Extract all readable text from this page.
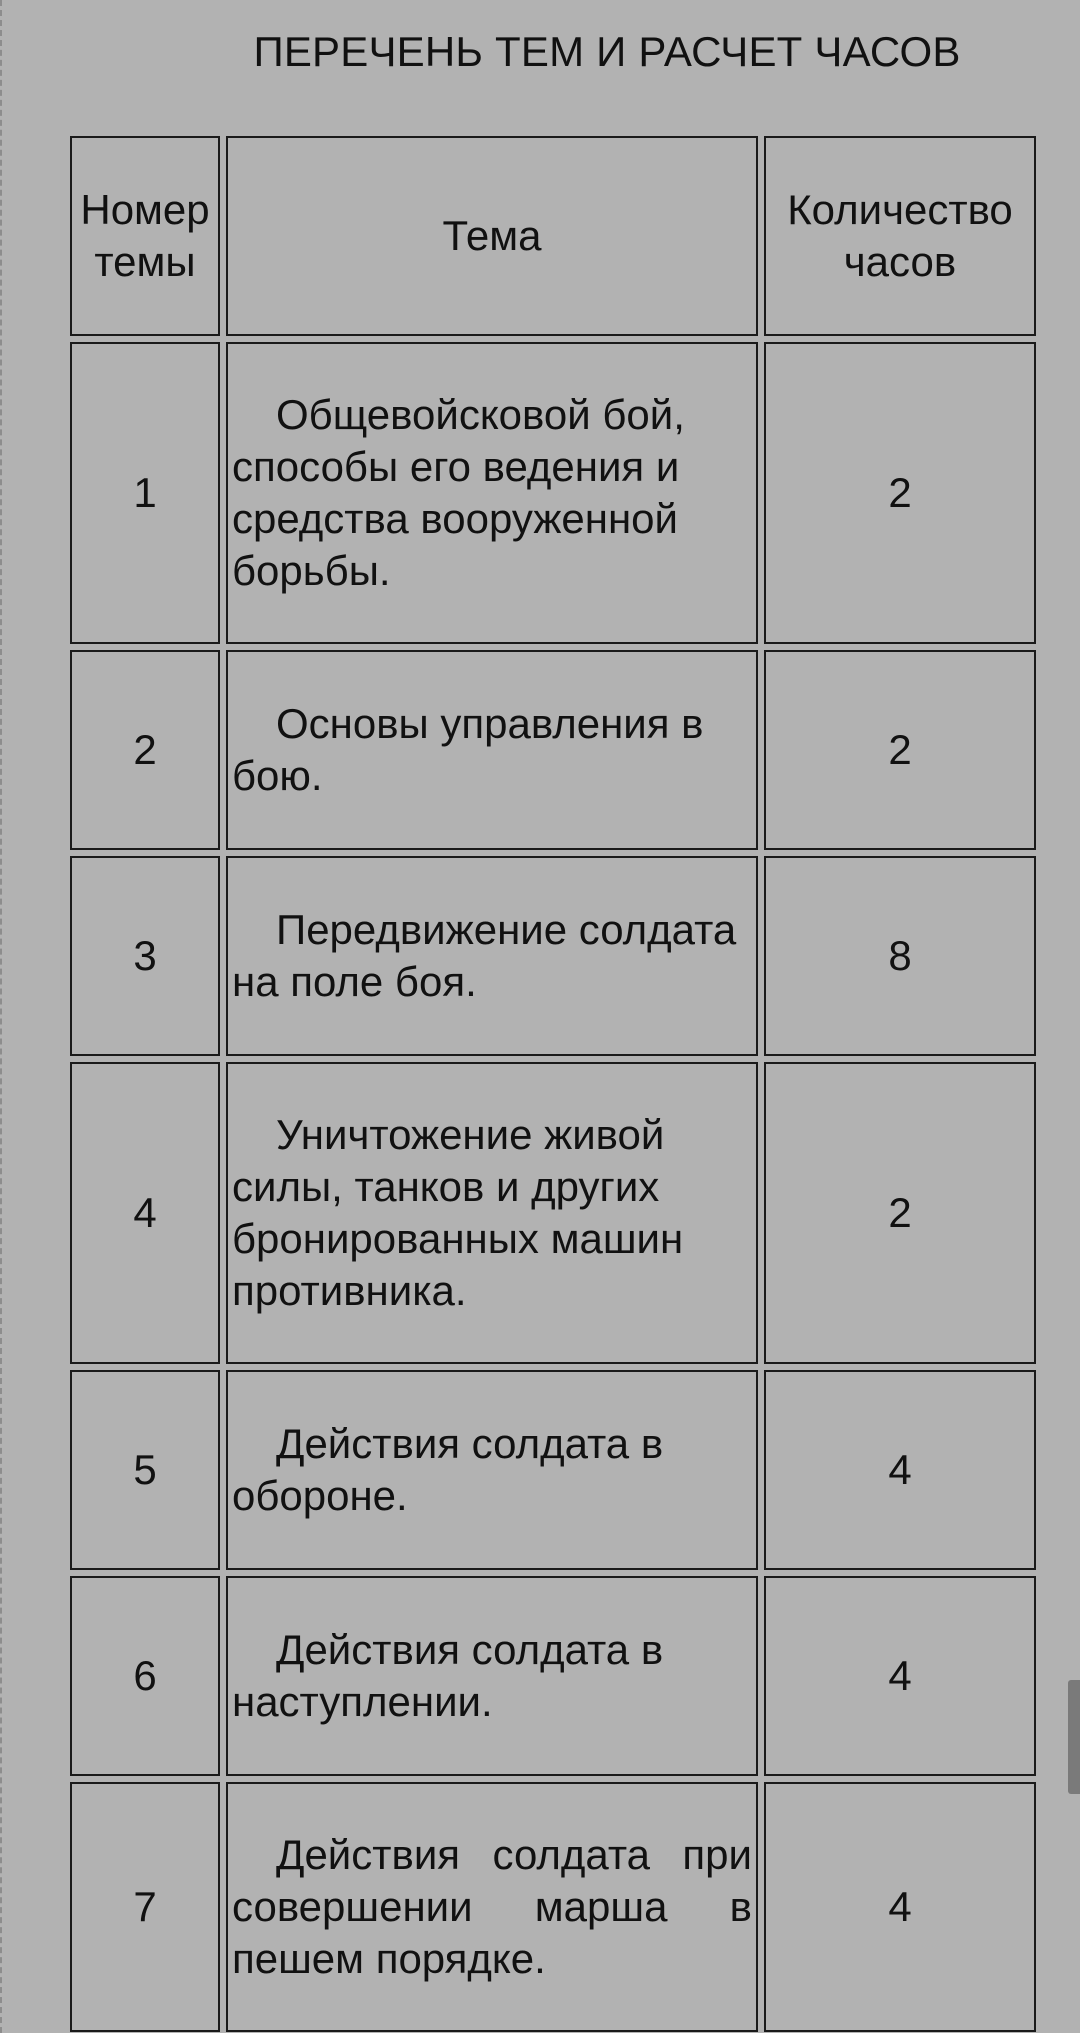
ПЕРЕЧЕНЬ ТЕМ И РАСЧЕТ ЧАСОВ
Номер темы	Тема	Количество часов
1	Общевойсковой бой, способы его ведения и средства вооруженной борьбы.	2
2	Основы управления в бою.	2
3	Передвижение солдата на поле боя.	8
4	Уничтожение живой силы, танков и других бронированных машин противника.	2
5	Действия солдата в обороне.	4
6	Действия солдата в наступлении.	4
7	Действия солдата при совершении марша в пешем порядке.	4
